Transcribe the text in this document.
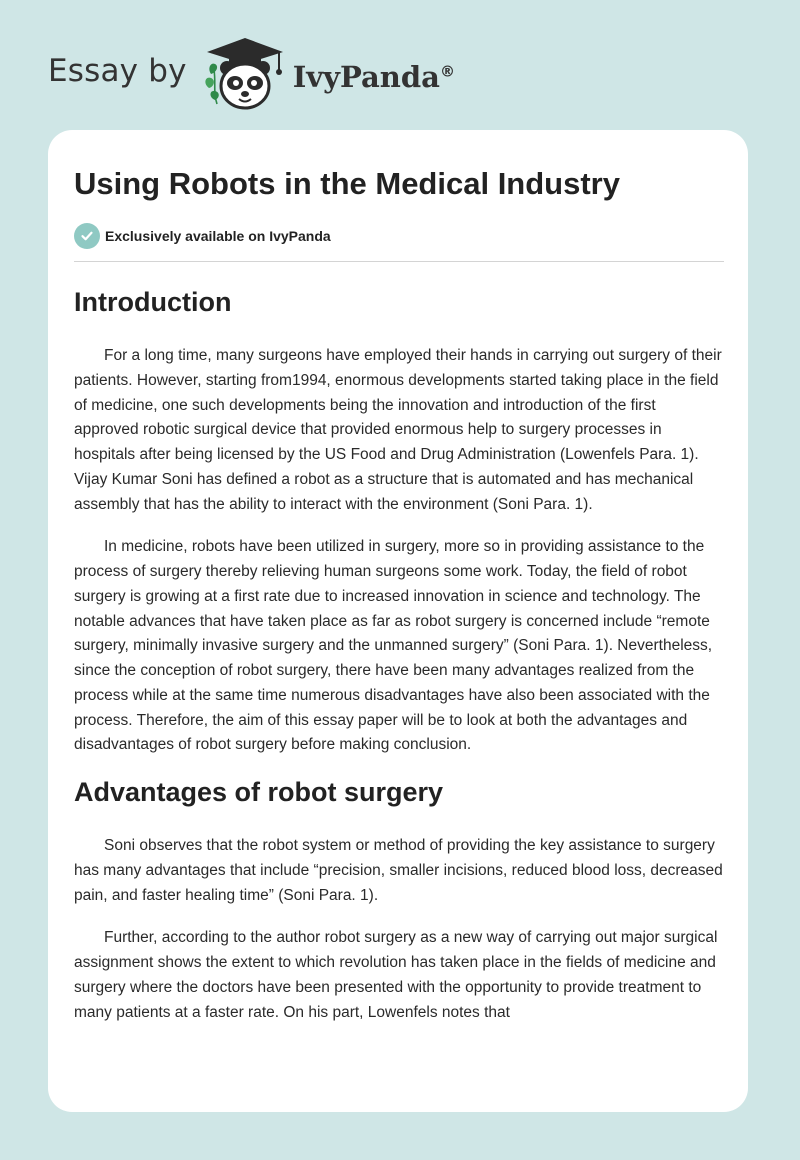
Essay by	IvyPanda®
Using Robots in the Medical Industry
Exclusively available on IvyPanda
Introduction

For a long time, many surgeons have employed their hands in carrying out surgery of their patients. However, starting from1994, enormous developments started taking place in the field of medicine, one such developments being the innovation and introduction of the first approved robotic surgical device that provided enormous help to surgery processes in hospitals after being licensed by the US Food and Drug Administration (Lowenfels Para. 1). Vijay Kumar Soni has defined a robot as a structure that is automated and has mechanical assembly that has the ability to interact with the environment (Soni Para. 1).

In medicine, robots have been utilized in surgery, more so in providing assistance to the process of surgery thereby relieving human surgeons some work. Today, the field of robot surgery is growing at a first rate due to increased innovation in science and technology. The notable advances that have taken place as far as robot surgery is concerned include “remote surgery, minimally invasive surgery and the unmanned surgery” (Soni Para. 1). Nevertheless, since the conception of robot surgery, there have been many advantages realized from the process while at the same time numerous disadvantages have also been associated with the process. Therefore, the aim of this essay paper will be to look at both the advantages and disadvantages of robot surgery before making conclusion.

Advantages of robot surgery

Soni observes that the robot system or method of providing the key assistance to surgery has many advantages that include “precision, smaller incisions, reduced blood loss, decreased pain, and faster healing time” (Soni Para. 1).

Further, according to the author robot surgery as a new way of carrying out major surgical assignment shows the extent to which revolution has taken place in the fields of medicine and surgery where the doctors have been presented with the opportunity to provide treatment to many patients at a faster rate. On his part, Lowenfels notes that
